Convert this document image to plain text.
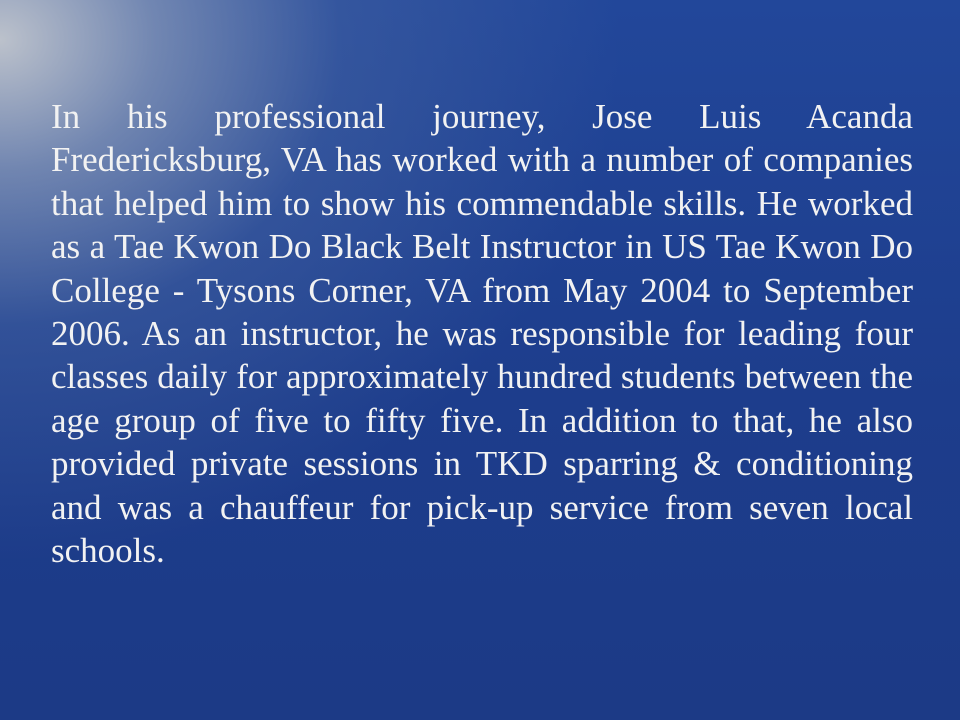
In his professional journey, Jose Luis Acanda Fredericksburg, VA has worked with a number of companies that helped him to show his commendable skills. He worked as a Tae Kwon Do Black Belt Instructor in US Tae Kwon Do College - Tysons Corner, VA from May 2004 to September 2006. As an instructor, he was responsible for leading four classes daily for approximately hundred students between the age group of five to fifty five. In addition to that, he also provided private sessions in TKD sparring & conditioning and was a chauffeur for pick-up service from seven local schools.
